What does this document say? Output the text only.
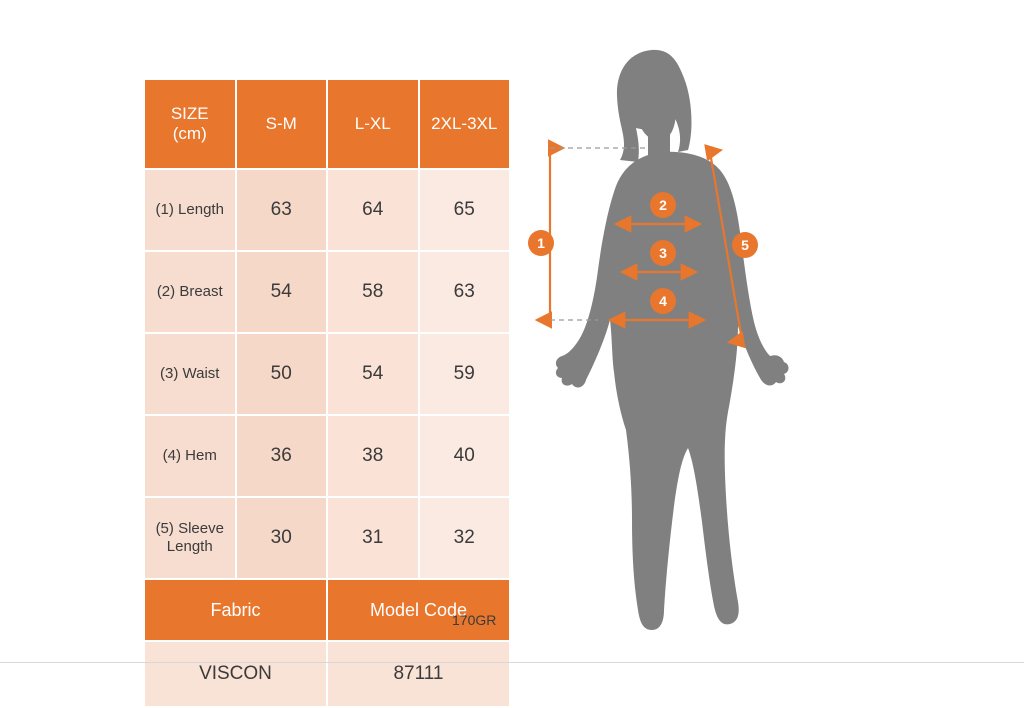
SIZE
(cm)	S-M	L-XL	2XL-3XL
(1) Length	63	64	65
(2) Breast	54	58	63
(3) Waist	50	54	59
(4) Hem	36	38	40
(5) Sleeve Length	30	31	32
Fabric		Model Code	
VISCON		87111	
170GR
1
2
3
4
5
